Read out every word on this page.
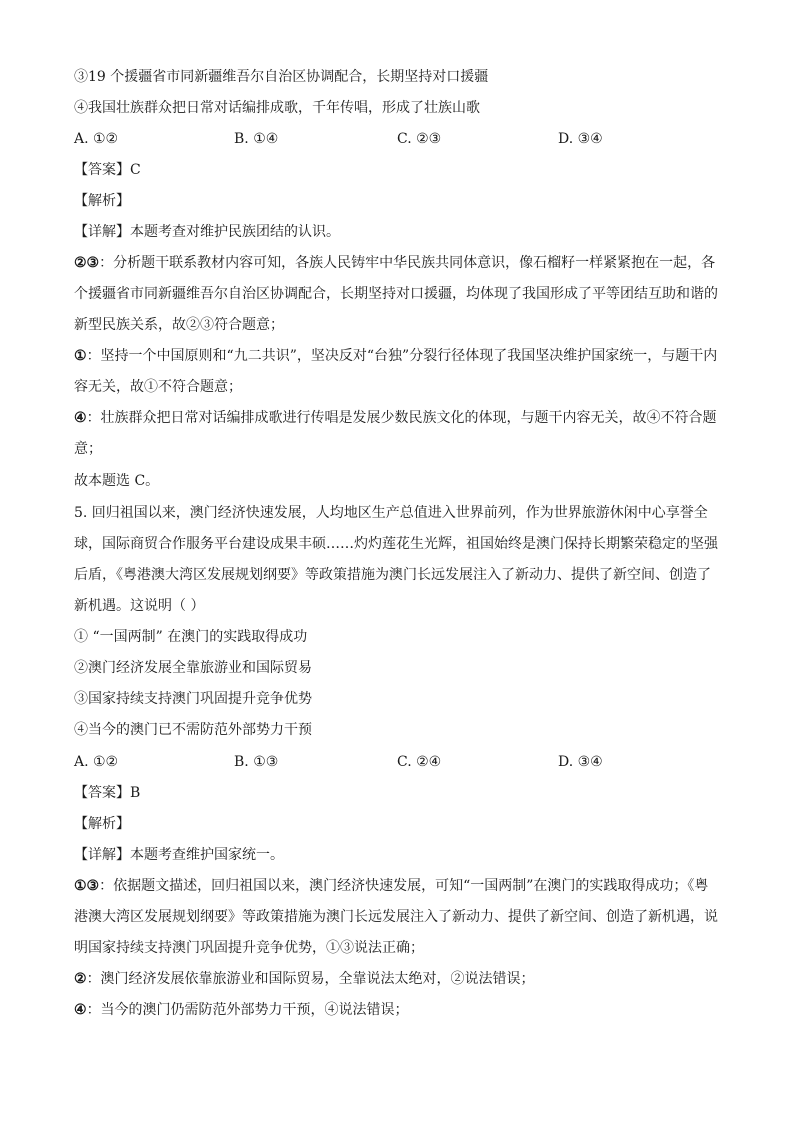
③19 个援疆省市同新疆维吾尔自治区协调配合，长期坚持对口援疆
④我国壮族群众把日常对话编排成歌，千年传唱，形成了壮族山歌
A. ①②	B. ①④	C. ②③	D. ③④
【答案】C
【解析】
【详解】本题考查对维护民族团结的认识。
②③：分析题干联系教材内容可知，各族人民铸牢中华民族共同体意识，像石榴籽一样紧紧抱在一起，各
个援疆省市同新疆维吾尔自治区协调配合，长期坚持对口援疆，均体现了我国形成了平等团结互助和谐的
新型民族关系，故②③符合题意；
①：坚持一个中国原则和“九二共识”，坚决反对“台独”分裂行径体现了我国坚决维护国家统一，与题干内
容无关，故①不符合题意；
④：壮族群众把日常对话编排成歌进行传唱是发展少数民族文化的体现，与题干内容无关，故④不符合题
意；
故本题选 C。
5. 回归祖国以来，澳门经济快速发展，人均地区生产总值进入世界前列，作为世界旅游休闲中心享誉全
球，国际商贸合作服务平台建设成果丰硕……灼灼莲花生光辉，祖国始终是澳门保持长期繁荣稳定的坚强
后盾，《粤港澳大湾区发展规划纲要》等政策措施为澳门长远发展注入了新动力、提供了新空间、创造了
新机遇。这说明（ ）
① “一国两制” 在澳门的实践取得成功
②澳门经济发展全靠旅游业和国际贸易
③国家持续支持澳门巩固提升竞争优势
④当今的澳门已不需防范外部势力干预
A. ①②	B. ①③	C. ②④	D. ③④
【答案】B
【解析】
【详解】本题考查维护国家统一。
①③：依据题文描述，回归祖国以来，澳门经济快速发展，可知“一国两制”在澳门的实践取得成功；《粤
港澳大湾区发展规划纲要》等政策措施为澳门长远发展注入了新动力、提供了新空间、创造了新机遇，说
明国家持续支持澳门巩固提升竞争优势，①③说法正确；
②：澳门经济发展依靠旅游业和国际贸易，全靠说法太绝对，②说法错误；
④：当今的澳门仍需防范外部势力干预，④说法错误；
